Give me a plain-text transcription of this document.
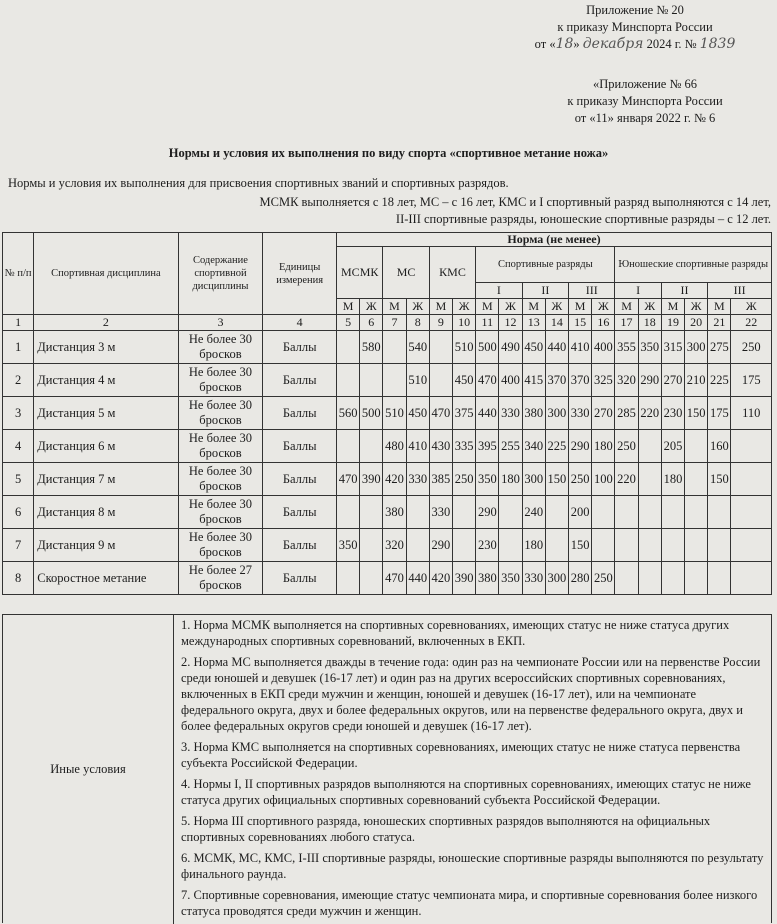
Приложение № 20
к приказу Минспорта России
от «18» декабря 2024 г. № 1839
«Приложение № 66
к приказу Минспорта России
от «11» января 2022 г. № 6
Нормы и условия их выполнения по виду спорта «спортивное метание ножа»
Нормы и условия их выполнения для присвоения спортивных званий и спортивных разрядов.
МСМК выполняется с 18 лет, МС – с 16 лет, КМС и I спортивный разряд выполняются с 14 лет,
II-III спортивные разряды, юношеские спортивные разряды – с 12 лет.
№ п/п	Спортивная дисциплина	Содержание спортивной дисциплины	Единицы измерения	Норма (не менее)																	
				МСМК		МС		КМС		Спортивные разряды						Юношеские спортивные разряды					
										I		II		III		I		II		III	
				М	Ж	М	Ж	М	Ж	М	Ж	М	Ж	М	Ж	М	Ж	М	Ж	М	Ж
1	2	3	4	5	6	7	8	9	10	11	12	13	14	15	16	17	18	19	20	21	22
1	Дистанция 3 м	Не более 30 бросков	Баллы		580		540		510	500	490	450	440	410	400	355	350	315	300	275	250
2	Дистанция 4 м	Не более 30 бросков	Баллы				510		450	470	400	415	370	370	325	320	290	270	210	225	175
3	Дистанция 5 м	Не более 30 бросков	Баллы	560	500	510	450	470	375	440	330	380	300	330	270	285	220	230	150	175	110
4	Дистанция 6 м	Не более 30 бросков	Баллы			480	410	430	335	395	255	340	225	290	180	250		205		160	
5	Дистанция 7 м	Не более 30 бросков	Баллы	470	390	420	330	385	250	350	180	300	150	250	100	220		180		150	
6	Дистанция 8 м	Не более 30 бросков	Баллы			380		330		290		240		200							
7	Дистанция 9 м	Не более 30 бросков	Баллы	350		320		290		230		180		150							
8	Скоростное метание	Не более 27 бросков	Баллы			470	440	420	390	380	350	330	300	280	250						
Иные условия

1. Норма МСМК выполняется на спортивных соревнованиях, имеющих статус не ниже статуса других международных спортивных соревнований, включенных в ЕКП.

2. Норма МС выполняется дважды в течение года: один раз на чемпионате России или на первенстве России среди юношей и девушек (16-17 лет) и один раз на других всероссийских спортивных соревнованиях, включенных в ЕКП среди мужчин и женщин, юношей и девушек (16-17 лет), или на чемпионате федерального округа, двух и более федеральных округов, или на первенстве федерального округа, двух и более федеральных округов среди юношей и девушек (16-17 лет).

3. Норма КМС выполняется на спортивных соревнованиях, имеющих статус не ниже статуса первенства субъекта Российской Федерации.

4. Нормы I, II спортивных разрядов выполняются на спортивных соревнованиях, имеющих статус не ниже статуса других официальных спортивных соревнований субъекта Российской Федерации.

5. Норма III спортивного разряда, юношеских спортивных разрядов выполняются на официальных спортивных соревнованиях любого статуса.

6. МСМК, МС, КМС, I-III спортивные разряды, юношеские спортивные разряды выполняются по результату финального раунда.

7. Спортивные соревнования, имеющие статус чемпионата мира, и спортивные соревнования более низкого статуса проводятся среди мужчин и женщин.
